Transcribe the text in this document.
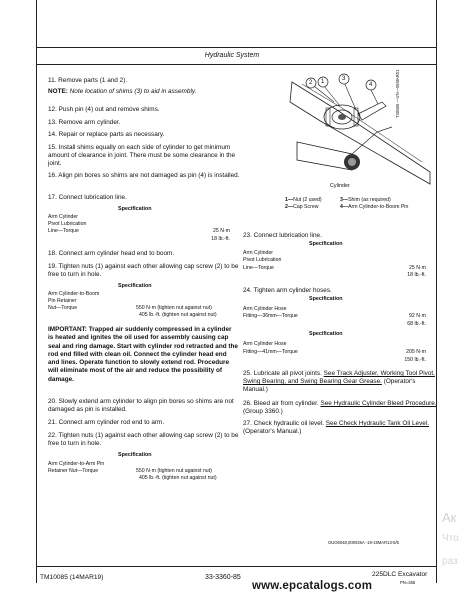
Hydraulic System
11. Remove parts (1 and 2).
NOTE: Note location of shims (3) to aid in assembly.
12. Push pin (4) out and remove shims.
13. Remove arm cylinder.
14. Repair or replace parts as necessary.
15. Install shims equally on each side of cylinder to get minimum amount of clearance in joint. There must be some clearance in the joint.
16. Align pin bores so shims are not damaged as pin (4) is installed.
17. Connect lubrication line.
Specification
Arm Cylinder
Pivot Lubrication
Line—Torque	25 N·m
18 lb.-ft.
18. Connect arm cylinder head end to boom.
19. Tighten nuts (1) against each other allowing cap screw (2) to be free to turn in hole.
Specification
Arm Cylinder-to-Boom
Pin Retainer
Nut—Torque	550 N·m (tighten nut against nut)
405 lb.-ft. (tighten nut against nut)
IMPORTANT: Trapped air suddenly compressed in a cylinder is heated and ignites the oil used for assembly causing cap seal and ring damage. Start with cylinder rod retracted and the rod end filled with clean oil. Connect the cylinder head end and lines. Operate function to slowly extend rod. Procedure will eliminate most of the air and reduce the possibility of damage.
20. Slowly extend arm cylinder to align pin bores so shims are not damaged as pin is installed.
21. Connect arm cylinder rod end to arm.
22. Tighten nuts (1) against each other allowing cap screw (2) to be free to turn in hole.
Specification
Arm Cylinder-to-Arm Pin
Retainer Nut—Torque	550 N·m (tighten nut against nut)
405 lb.-ft. (tighten nut against nut)
2 1	3
4	T40685 —UN—05MAR01
Cylinder
1—Nut (2 used)
2—Cap Screw
3—Shim (as required)
4—Arm Cylinder-to-Boom Pin
23. Connect lubrication line.
Specification
Arm Cylinder
Pivot Lubrication
Line—Torque	25 N·m
18 lb.-ft.
24. Tighten arm cylinder hoses.
Specification
Arm Cylinder Hose
Fitting—36mm—Torque	92 N·m
68 lb.-ft.
Specification
Arm Cylinder Hose
Fitting—41mm—Torque	205 N·m
150 lb.-ft.
25. Lubricate all pivot joints. See Track Adjuster, Working Tool Pivot, Swing Bearing, and Swing Bearing Gear Grease. (Operator's Manual.)
26. Bleed air from cylinder. See Hydraulic Cylinder Bleed Procedure. (Group 3360.)
27. Check hydraulic oil level. See Check Hydraulic Tank Oil Level. (Operator's Manual.)
OUO6048,000026A -19-19MAR13-5/5
TM10085 (14MAR19)	33-3360-85	225DLC Excavator
PN=365
www.epcatalogs.com
Ак
Что
раз
